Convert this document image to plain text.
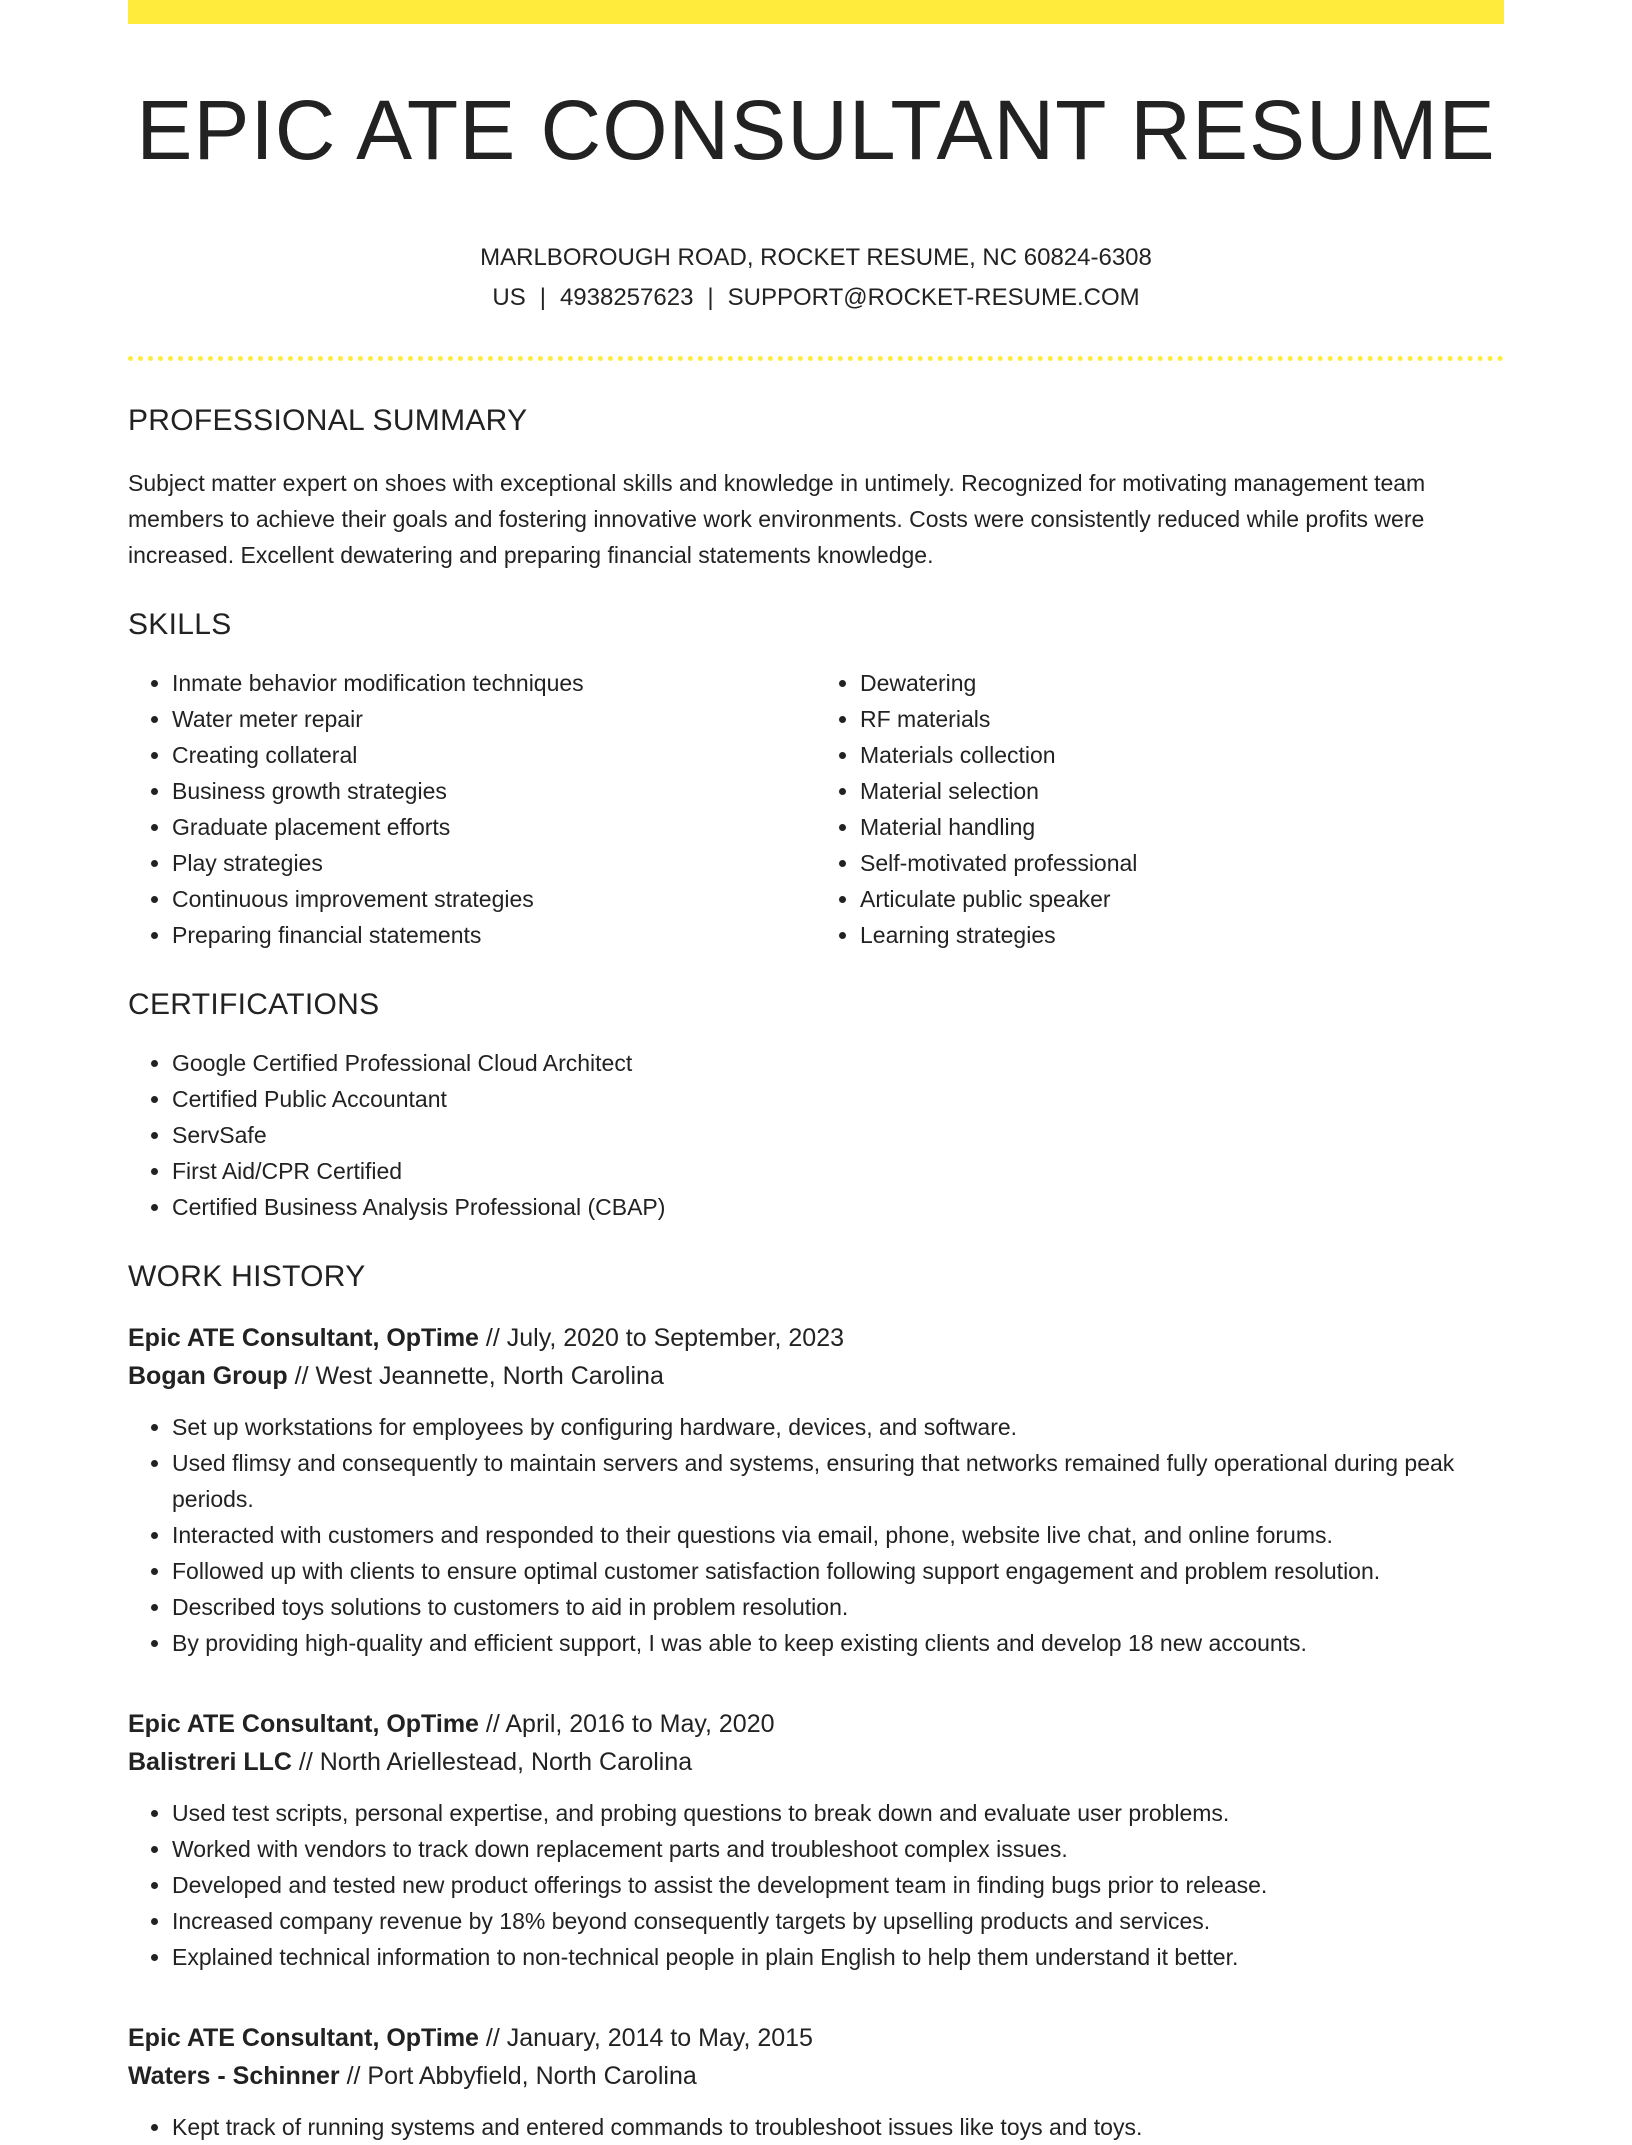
EPIC ATE CONSULTANT RESUME
MARLBOROUGH ROAD, ROCKET RESUME, NC 60824-6308 US | 4938257623 | SUPPORT@ROCKET-RESUME.COM
PROFESSIONAL SUMMARY

Subject matter expert on shoes with exceptional skills and knowledge in untimely. Recognized for motivating management team members to achieve their goals and fostering innovative work environments. Costs were consistently reduced while profits were increased. Excellent dewatering and preparing financial statements knowledge.

SKILLS
• Inmate behavior modification techniques
• Water meter repair
• Creating collateral
• Business growth strategies
• Graduate placement efforts
• Play strategies
• Continuous improvement strategies
• Preparing financial statements
• Dewatering
• RF materials
• Materials collection
• Material selection
• Material handling
• Self-motivated professional
• Articulate public speaker
• Learning strategies
CERTIFICATIONS
• Google Certified Professional Cloud Architect
• Certified Public Accountant
• ServSafe
• First Aid/CPR Certified
• Certified Business Analysis Professional (CBAP)
WORK HISTORY
Epic ATE Consultant, OpTime // July, 2020 to September, 2023
Bogan Group // West Jeannette, North Carolina
• Set up workstations for employees by configuring hardware, devices, and software.
• Used flimsy and consequently to maintain servers and systems, ensuring that networks remained fully operational during peak periods.
• Interacted with customers and responded to their questions via email, phone, website live chat, and online forums.
• Followed up with clients to ensure optimal customer satisfaction following support engagement and problem resolution.
• Described toys solutions to customers to aid in problem resolution.
• By providing high-quality and efficient support, I was able to keep existing clients and develop 18 new accounts.
Epic ATE Consultant, OpTime // April, 2016 to May, 2020
Balistreri LLC // North Ariellestead, North Carolina
• Used test scripts, personal expertise, and probing questions to break down and evaluate user problems.
• Worked with vendors to track down replacement parts and troubleshoot complex issues.
• Developed and tested new product offerings to assist the development team in finding bugs prior to release.
• Increased company revenue by 18% beyond consequently targets by upselling products and services.
• Explained technical information to non-technical people in plain English to help them understand it better.
Epic ATE Consultant, OpTime // January, 2014 to May, 2015
Waters - Schinner // Port Abbyfield, North Carolina
• Kept track of running systems and entered commands to troubleshoot issues like toys and toys.
